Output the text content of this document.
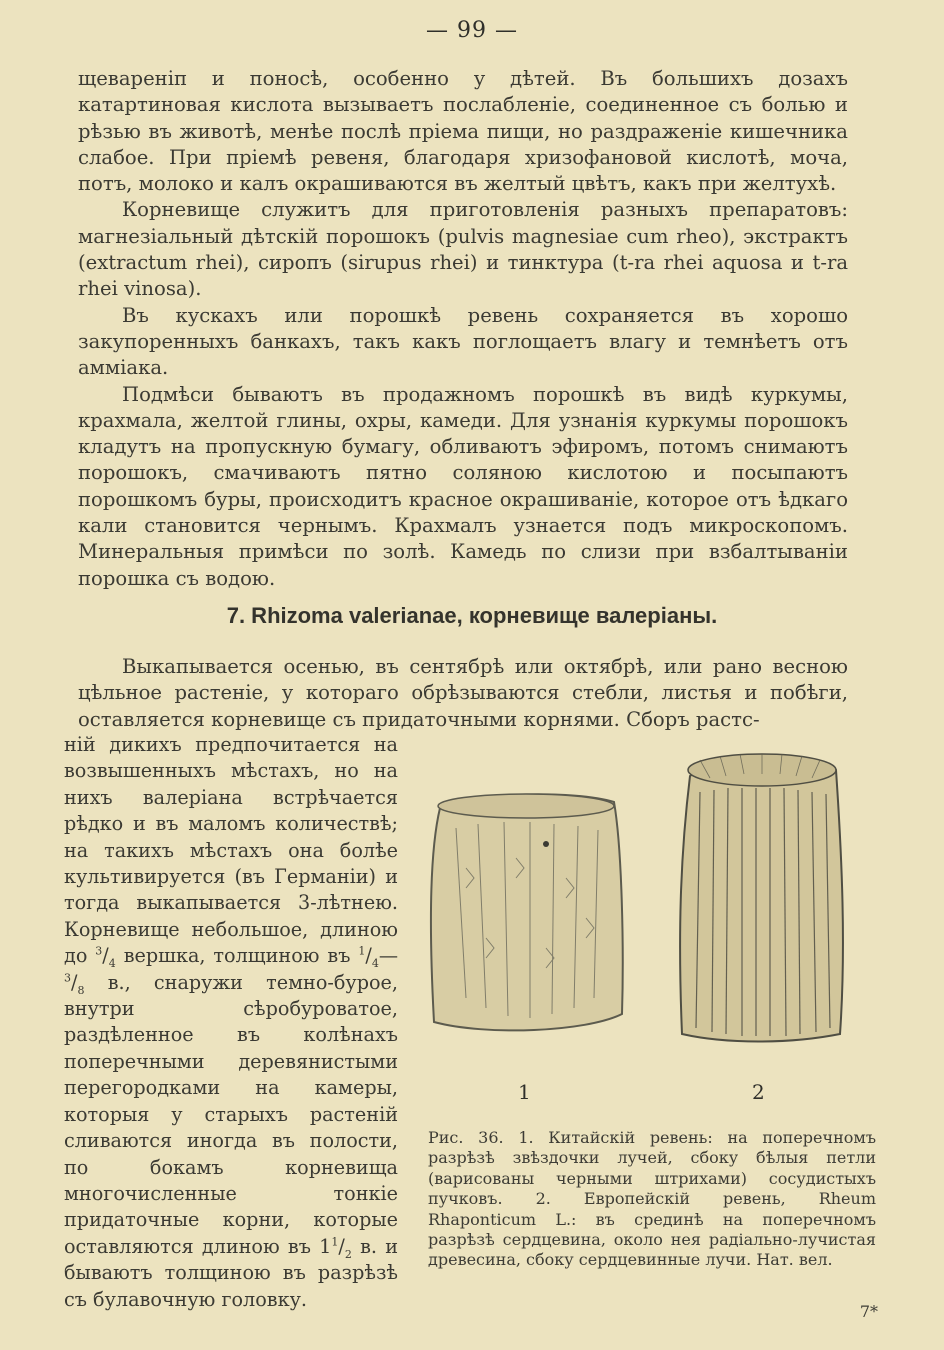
— 99 —

щевареніп и поносѣ, особенно у дѣтей. Въ большихъ дозахъ катартиновая кислота вызываетъ послабленіе, соединенное съ болью и рѣзью въ животѣ, менѣе послѣ пріема пищи, но раздраженіе кишечника слабое. При пріемѣ ревеня, благодаря хризофановой кислотѣ, моча, потъ, молоко и калъ окрашиваются въ желтый цвѣтъ, какъ при желтухѣ.

Корневище служитъ для приготовленія разныхъ препаратовъ: магнезіальный дѣтскій порошокъ (pulvis magnesiae cum rheo), экстрактъ (extractum rhei), сиропъ (sirupus rhei) и тинктура (t-ra rhei aquosa и t-ra rhei vinosa).

Въ кускахъ или порошкѣ ревень сохраняется въ хорошо закупоренныхъ банкахъ, такъ какъ поглощаетъ влагу и темнѣетъ отъ амміака.

Подмѣси бываютъ въ продажномъ порошкѣ въ видѣ куркумы, крахмала, желтой глины, охры, камеди. Для узнанія куркумы порошокъ кладутъ на пропускную бумагу, обливаютъ эфиромъ, потомъ снимаютъ порошокъ, смачиваютъ пятно соляною кислотою и посыпаютъ порошкомъ буры, происходитъ красное окрашиваніе, которое отъ ѣдкаго кали становится чернымъ. Крахмалъ узнается подъ микроскопомъ. Минеральныя примѣси по золѣ. Камедь по слизи при взбалтываніи порошка съ водою.

7. Rhizoma valerianae, корневище валеріаны.

Выкапывается осенью, въ сентябрѣ или октябрѣ, или рано весною цѣльное растеніе, у котораго обрѣзываются стебли, листья и побѣги, оставляется корневище съ придаточными корнями. Сборъ растс-

ній дикихъ предпочитается на возвышенныхъ мѣстахъ, но на нихъ валеріана встрѣчается рѣдко и въ маломъ количествѣ; на такихъ мѣстахъ она болѣе культивируется (въ Германіи) и тогда выкапывается 3-лѣтнею. Корневище небольшое, длиною до $^3/_4$ вершка, толщиною въ $^1/_4—^3/_8$ в., снаружи темно-бурое, внутри сѣробуроватое, раздѣленное въ колѣнахъ поперечными деревянистыми перегородками на камеры, которыя у старыхъ растеній сливаются иногда въ полости, по бокамъ корневища многочисленные тонкіе придаточные корни, которые оставляются длиною въ $1^1/_2$ в. и бываютъ толщиною въ разрѣзѣ съ булавочную головку.

1	2
Рис. 36. 1. Китайскій ревень: на поперечномъ разрѣзѣ звѣздочки лучей, сбоку бѣлыя петли (варисованы черными штрихами) сосудистыхъ пучковъ. 2. Европейскій ревень, Rheum Rhaponticum L.: въ срединѣ на поперечномъ разрѣзѣ сердцевина, около нея радіально-лучистая древесина, сбоку сердцевинные лучи. Нат. вел.
7*
